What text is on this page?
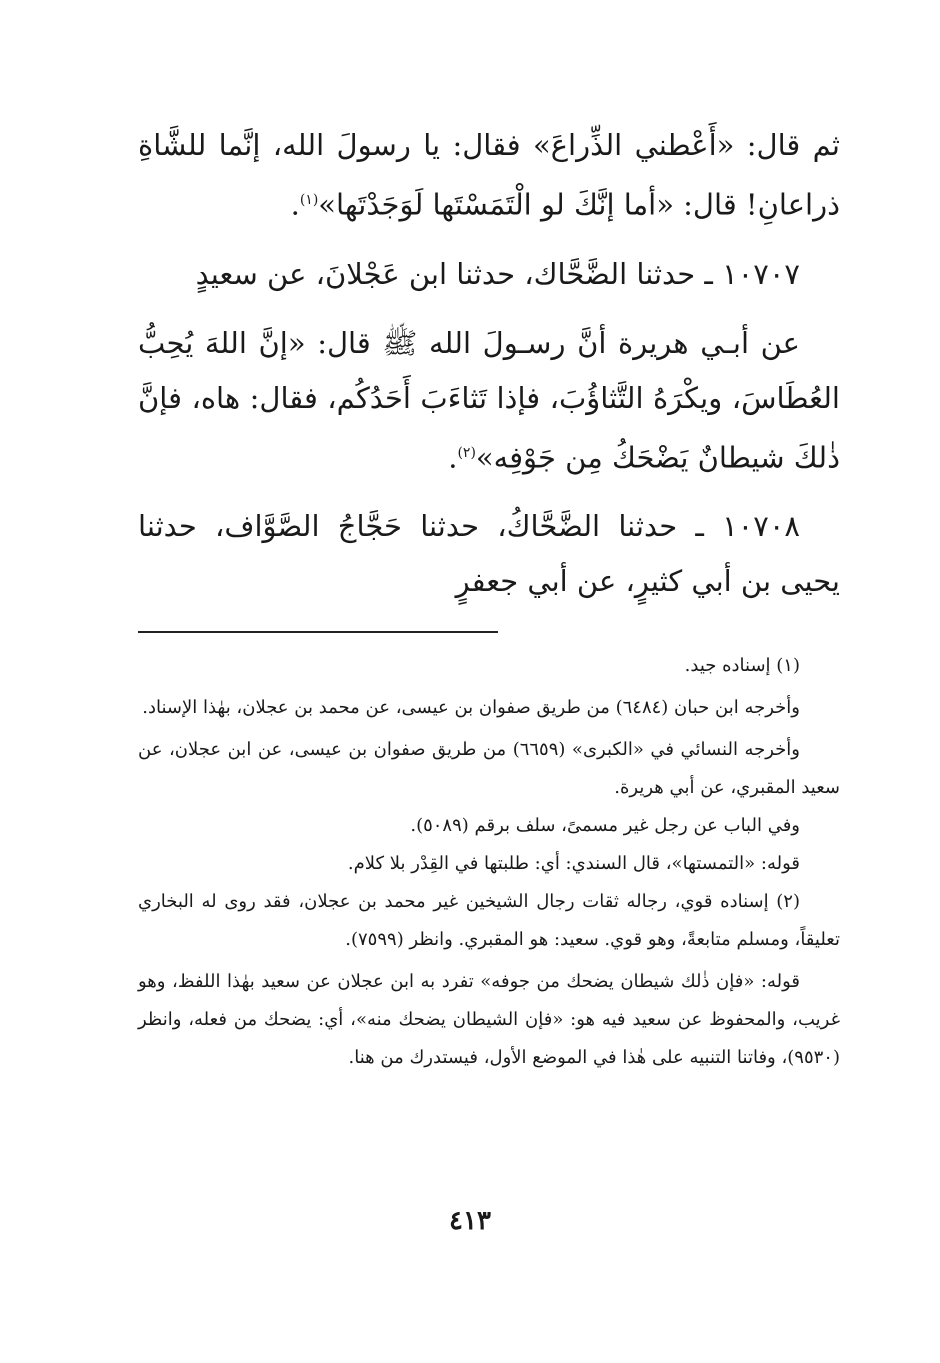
ثم قال: «أَعْطني الذِّراعَ» فقال: يا رسولَ الله، إنَّما للشَّاةِ ذراعانِ! قال: «أما إنَّكَ لو الْتَمَسْتَها لَوَجَدْتَها»$^{(١)}$.

١٠٧٠٧ ـ حدثنا الضَّحَّاك، حدثنا ابن عَجْلانَ، عن سعيدٍ

عن أبـي هريرة أنَّ رسـولَ الله ﷺ قال: «إنَّ اللهَ يُحِبُّ العُطَاسَ، ويكْرَهُ التَّثاؤُبَ، فإذا تَثاءَبَ أَحَدُكُم، فقال: هاه، فإنَّ ذٰلكَ شيطانٌ يَضْحَكُ مِن جَوْفِه»$^{(٢)}$.

١٠٧٠٨ ـ حدثنا الضَّحَّاكُ، حدثنا حَجَّاجُ الصَّوَّاف، حدثنا يحيى بن أبي كثيرٍ، عن أبي جعفرٍ

(١) إسناده جيد.

وأخرجه ابن حبان (٦٤٨٤) من طريق صفوان بن عيسى، عن محمد بن عجلان، بهٰذا الإسناد.

وأخرجه النسائي في «الكبرى» (٦٦٥٩) من طريق صفوان بن عيسى، عن ابن عجلان، عن سعيد المقبري، عن أبي هريرة.

وفي الباب عن رجل غير مسمىً، سلف برقم (٥٠٨٩).

قوله: «التمستها»، قال السندي: أي: طلبتها في القِدْر بلا كلام.

(٢) إسناده قوي، رجاله ثقات رجال الشيخين غير محمد بن عجلان، فقد روى له البخاري تعليقاً، ومسلم متابعةً، وهو قوي. سعيد: هو المقبري. وانظر (٧٥٩٩).

قوله: «فإن ذٰلك شيطان يضحك من جوفه» تفرد به ابن عجلان عن سعيد بهٰذا اللفظ، وهو غريب، والمحفوظ عن سعيد فيه هو: «فإن الشيطان يضحك منه»، أي: يضحك من فعله، وانظر (٩٥٣٠)، وفاتنا التنبيه على هٰذا في الموضع الأول، فيستدرك من هنا.

٤١٣
